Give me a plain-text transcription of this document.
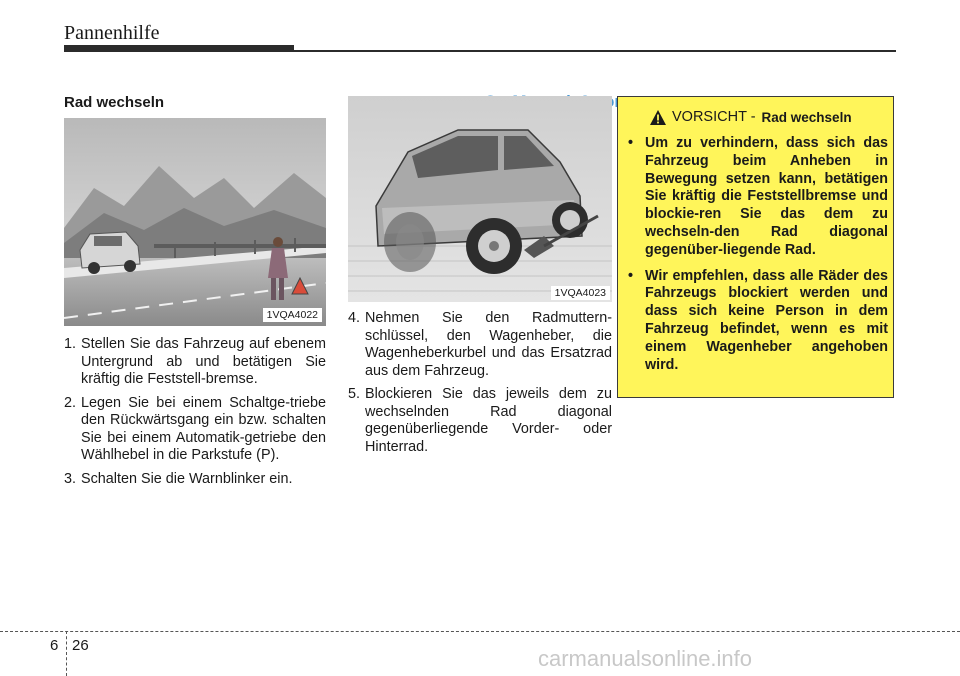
Pannenhilfe
Rad wechseln
1VQA4022
1. Stellen Sie das Fahrzeug auf ebenem Untergrund ab und betätigen Sie kräftig die Feststell-bremse.
2. Legen Sie bei einem Schaltge-triebe den Rückwärtsgang ein bzw. schalten Sie bei einem Automatik-getriebe den Wählhebel in die Parkstufe (P).
3. Schalten Sie die Warnblinker ein.
1VQA4023
4. Nehmen Sie den Radmuttern-schlüssel, den Wagenheber, die Wagenheberkurbel und das Ersatzrad aus dem Fahrzeug.
5. Blockieren Sie das jeweils dem zu wechselnden Rad diagonal gegenüberliegende Vorder- oder Hinterrad.
VORSICHT - Rad wechseln
• Um zu verhindern, dass sich das Fahrzeug beim Anheben in Bewegung setzen kann, betätigen Sie kräftig die Feststellbremse und blockie-ren Sie das dem zu wechseln-den Rad diagonal gegenüber-liegende Rad.
• Wir empfehlen, dass alle Räder des Fahrzeugs blockiert werden und dass sich keine Person in dem Fahrzeug befindet, wenn es mit einem Wagenheber angehoben wird.
6 26
carmanualsonline.info
